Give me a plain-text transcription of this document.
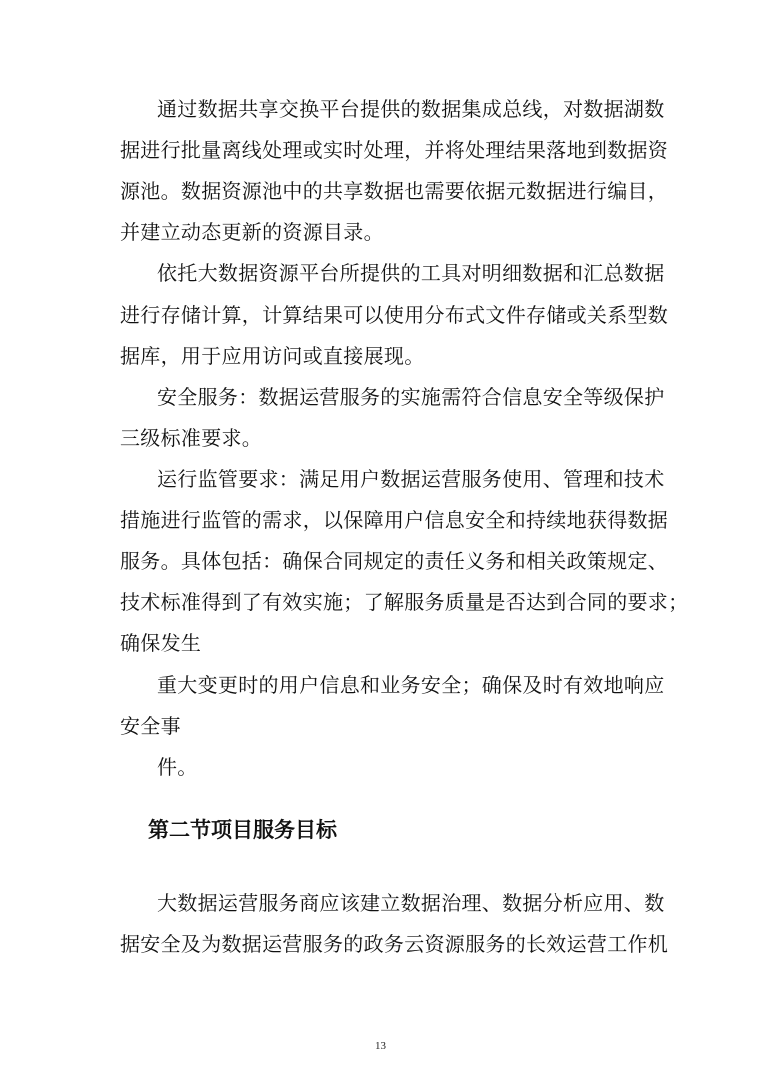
通过数据共享交换平台提供的数据集成总线，对数据湖数
据进行批量离线处理或实时处理，并将处理结果落地到数据资
源池。数据资源池中的共享数据也需要依据元数据进行编目，
并建立动态更新的资源目录。
依托大数据资源平台所提供的工具对明细数据和汇总数据
进行存储计算，计算结果可以使用分布式文件存储或关系型数
据库，用于应用访问或直接展现。
安全服务：数据运营服务的实施需符合信息安全等级保护
三级标准要求。
运行监管要求：满足用户数据运营服务使用、管理和技术
措施进行监管的需求，以保障用户信息安全和持续地获得数据
服务。具体包括：确保合同规定的责任义务和相关政策规定、
技术标准得到了有效实施；了解服务质量是否达到合同的要求；
确保发生
重大变更时的用户信息和业务安全；确保及时有效地响应
安全事
件。
第二节项目服务目标
大数据运营服务商应该建立数据治理、数据分析应用、数
据安全及为数据运营服务的政务云资源服务的长效运营工作机
13
